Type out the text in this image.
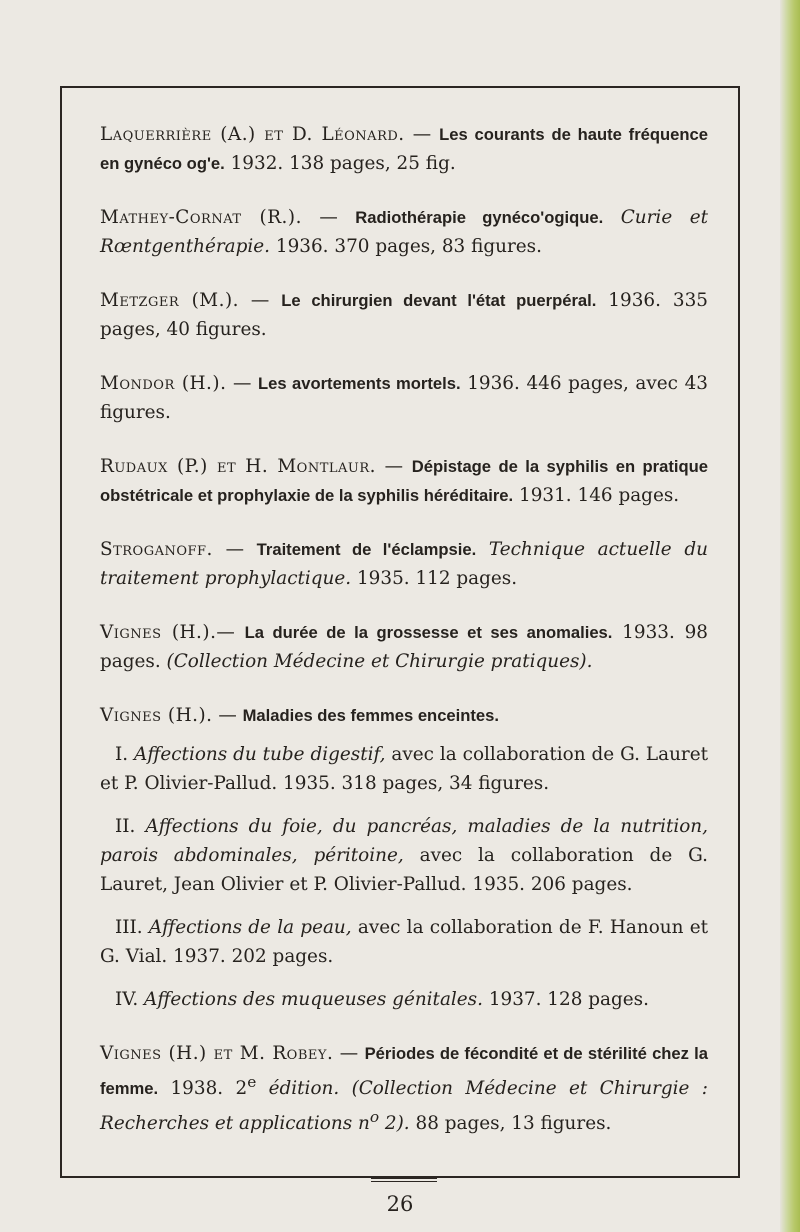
Laquerrière (A.) et D. Léonard. — Les courants de haute fréquence en gynéco og'e. 1932. 138 pages, 25 fig.

Mathey-Cornat (R.). — Radiothérapie gynéco'ogique. Curie et Rœntgenthérapie. 1936. 370 pages, 83 figures.

Metzger (M.). — Le chirurgien devant l'état puerpéral. 1936. 335 pages, 40 figures.

Mondor (H.). — Les avortements mortels. 1936. 446 pages, avec 43 figures.

Rudaux (P.) et H. Montlaur. — Dépistage de la syphilis en pratique obstétricale et prophylaxie de la syphilis héréditaire. 1931. 146 pages.

Stroganoff. — Traitement de l'éclampsie. Technique actuelle du traitement prophylactique. 1935. 112 pages.

Vignes (H.).— La durée de la grossesse et ses anomalies. 1933. 98 pages. (Collection Médecine et Chirurgie pratiques).

Vignes (H.). — Maladies des femmes enceintes.

I. Affections du tube digestif, avec la collaboration de G. Lauret et P. Olivier-Pallud. 1935. 318 pages, 34 figures.

II. Affections du foie, du pancréas, maladies de la nutrition, parois abdominales, péritoine, avec la collaboration de G. Lauret, Jean Olivier et P. Olivier-Pallud. 1935. 206 pages.

III. Affections de la peau, avec la collaboration de F. Hanoun et G. Vial. 1937. 202 pages.

IV. Affections des muqueuses génitales. 1937. 128 pages.

Vignes (H.) et M. Robey. — Périodes de fécondité et de stérilité chez la femme. 1938. 2e édition. (Collection Médecine et Chirurgie : Recherches et applications $n^o$ 2). 88 pages, 13 figures.

26
